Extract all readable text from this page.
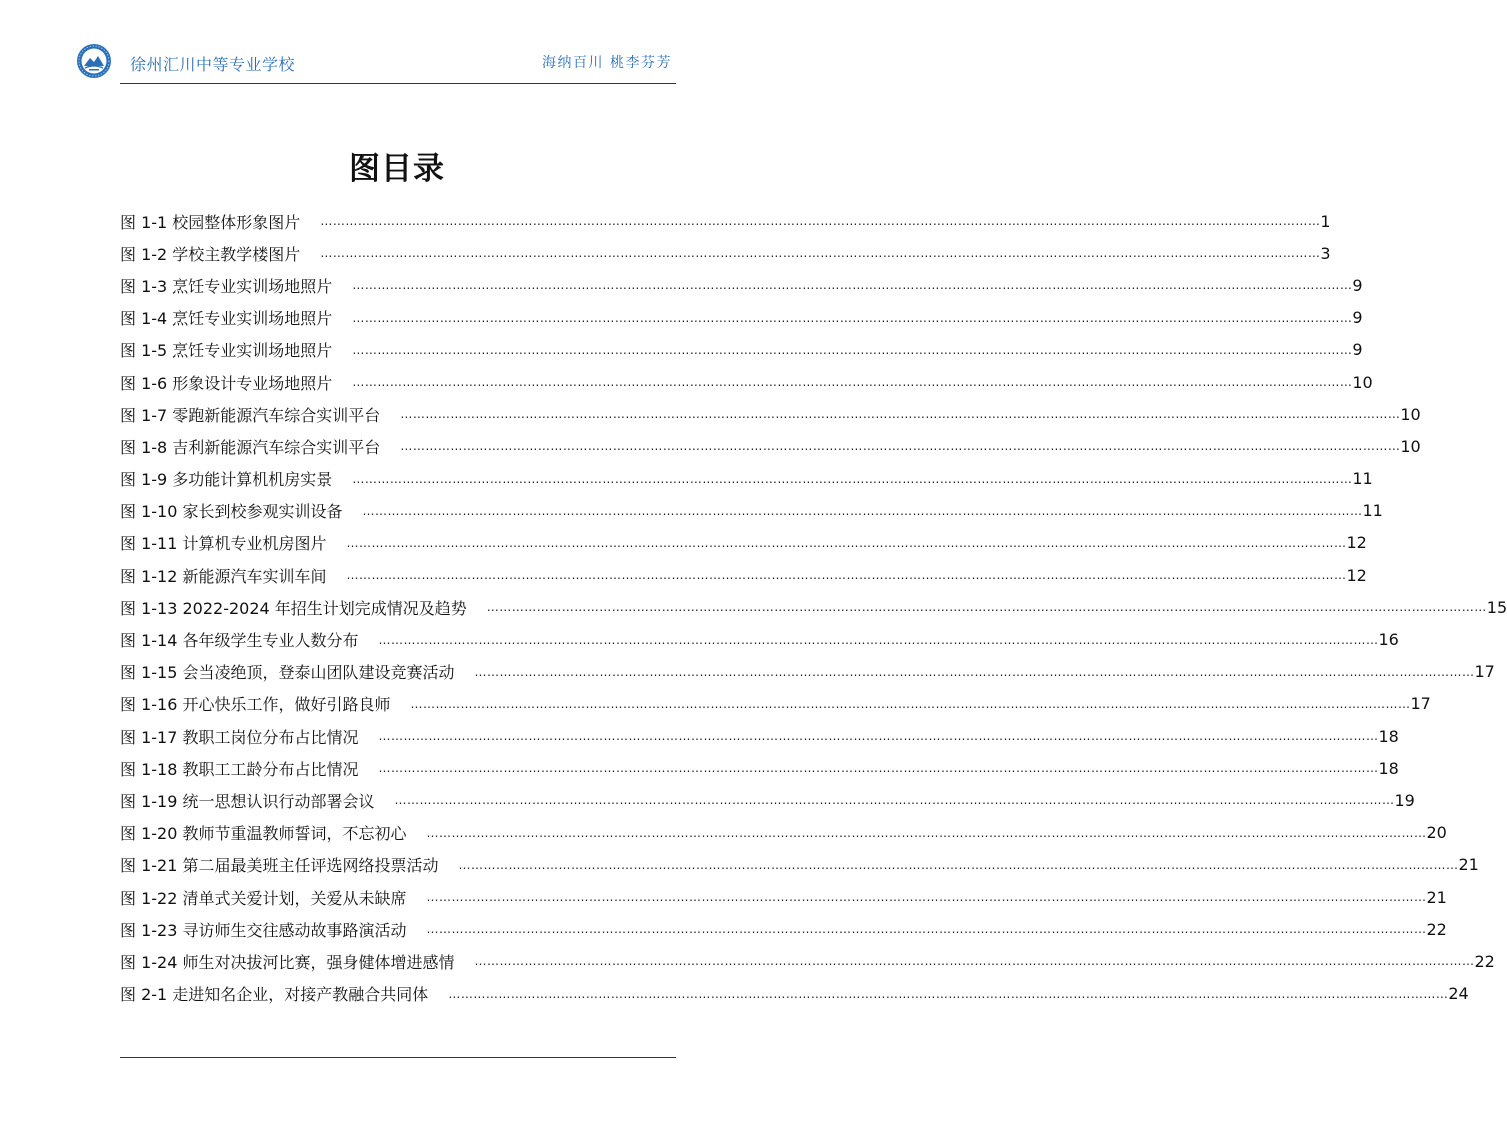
徐州汇川中等专业学校	海纳百川 桃李芬芳
图目录
图 1-1 校园整体形象图片 …………………………………………………………………………………………………………………………………………………………………………………………………………………… 1
图 1-2 学校主教学楼图片 …………………………………………………………………………………………………………………………………………………………………………………………………………………… 3
图 1-3 烹饪专业实训场地照片 …………………………………………………………………………………………………………………………………………………………………………………………………………………… 9
图 1-4 烹饪专业实训场地照片 …………………………………………………………………………………………………………………………………………………………………………………………………………………… 9
图 1-5 烹饪专业实训场地照片 …………………………………………………………………………………………………………………………………………………………………………………………………………………… 9
图 1-6 形象设计专业场地照片 …………………………………………………………………………………………………………………………………………………………………………………………………………………… 10
图 1-7 零跑新能源汽车综合实训平台 …………………………………………………………………………………………………………………………………………………………………………………………………………………… 10
图 1-8 吉利新能源汽车综合实训平台 …………………………………………………………………………………………………………………………………………………………………………………………………………………… 10
图 1-9 多功能计算机机房实景 …………………………………………………………………………………………………………………………………………………………………………………………………………………… 11
图 1-10 家长到校参观实训设备 …………………………………………………………………………………………………………………………………………………………………………………………………………………… 11
图 1-11 计算机专业机房图片 …………………………………………………………………………………………………………………………………………………………………………………………………………………… 12
图 1-12 新能源汽车实训车间 …………………………………………………………………………………………………………………………………………………………………………………………………………………… 12
图 1-13 2022-2024 年招生计划完成情况及趋势 …………………………………………………………………………………………………………………………………………………………………………………………………………………… 15
图 1-14 各年级学生专业人数分布 …………………………………………………………………………………………………………………………………………………………………………………………………………………… 16
图 1-15 会当凌绝顶，登泰山团队建设竞赛活动 …………………………………………………………………………………………………………………………………………………………………………………………………………………… 17
图 1-16 开心快乐工作，做好引路良师 …………………………………………………………………………………………………………………………………………………………………………………………………………………… 17
图 1-17 教职工岗位分布占比情况 …………………………………………………………………………………………………………………………………………………………………………………………………………………… 18
图 1-18 教职工工龄分布占比情况 …………………………………………………………………………………………………………………………………………………………………………………………………………………… 18
图 1-19 统一思想认识行动部署会议 …………………………………………………………………………………………………………………………………………………………………………………………………………………… 19
图 1-20 教师节重温教师誓词，不忘初心 …………………………………………………………………………………………………………………………………………………………………………………………………………………… 20
图 1-21 第二届最美班主任评选网络投票活动 …………………………………………………………………………………………………………………………………………………………………………………………………………………… 21
图 1-22 清单式关爱计划，关爱从未缺席 …………………………………………………………………………………………………………………………………………………………………………………………………………………… 21
图 1-23 寻访师生交往感动故事路演活动 …………………………………………………………………………………………………………………………………………………………………………………………………………………… 22
图 1-24 师生对决拔河比赛，强身健体增进感情 …………………………………………………………………………………………………………………………………………………………………………………………………………………… 22
图 2-1 走进知名企业，对接产教融合共同体 …………………………………………………………………………………………………………………………………………………………………………………………………………………… 24
